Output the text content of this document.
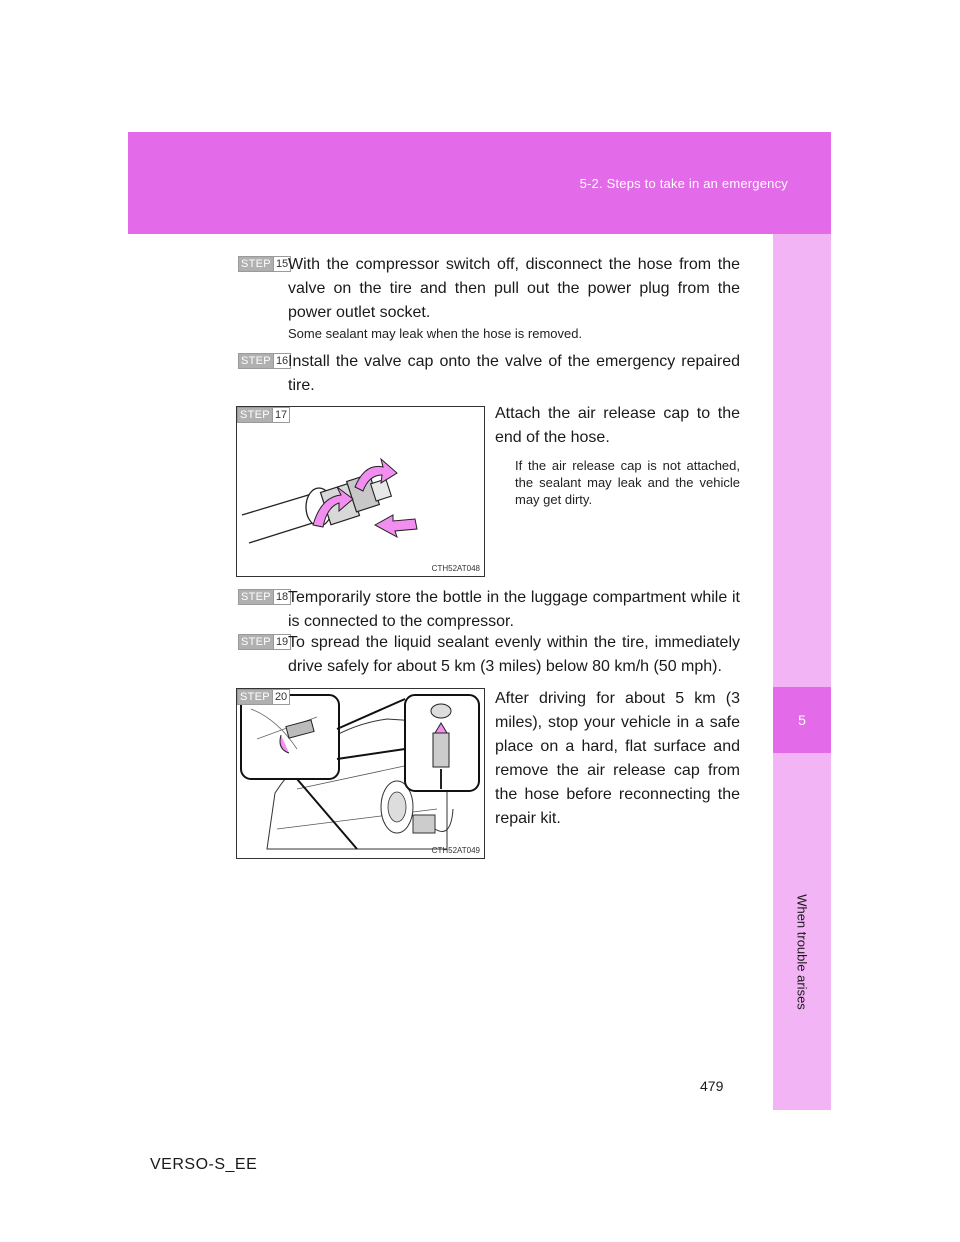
5-2. Steps to take in an emergency
5
When trouble arises
STEP 15 With the compressor switch off, disconnect the hose from the valve on the tire and then pull out the power plug from the power outlet socket.
Some sealant may leak when the hose is removed.
STEP 16 Install the valve cap onto the valve of the emergency repaired tire.
STEP 17
CTH52AT048
Attach the air release cap to the end of the hose.
If the air release cap is not attached, the sealant may leak and the vehicle may get dirty.
STEP 18 Temporarily store the bottle in the luggage compartment while it is connected to the compressor.
STEP 19 To spread the liquid sealant evenly within the tire, immediately drive safely for about 5 km (3 miles) below 80 km/h (50 mph).
STEP 20
CTH52AT049
After driving for about 5 km (3 miles), stop your vehicle in a safe place on a hard, flat surface and remove the air release cap from the hose before reconnecting the repair kit.
479
VERSO-S_EE
